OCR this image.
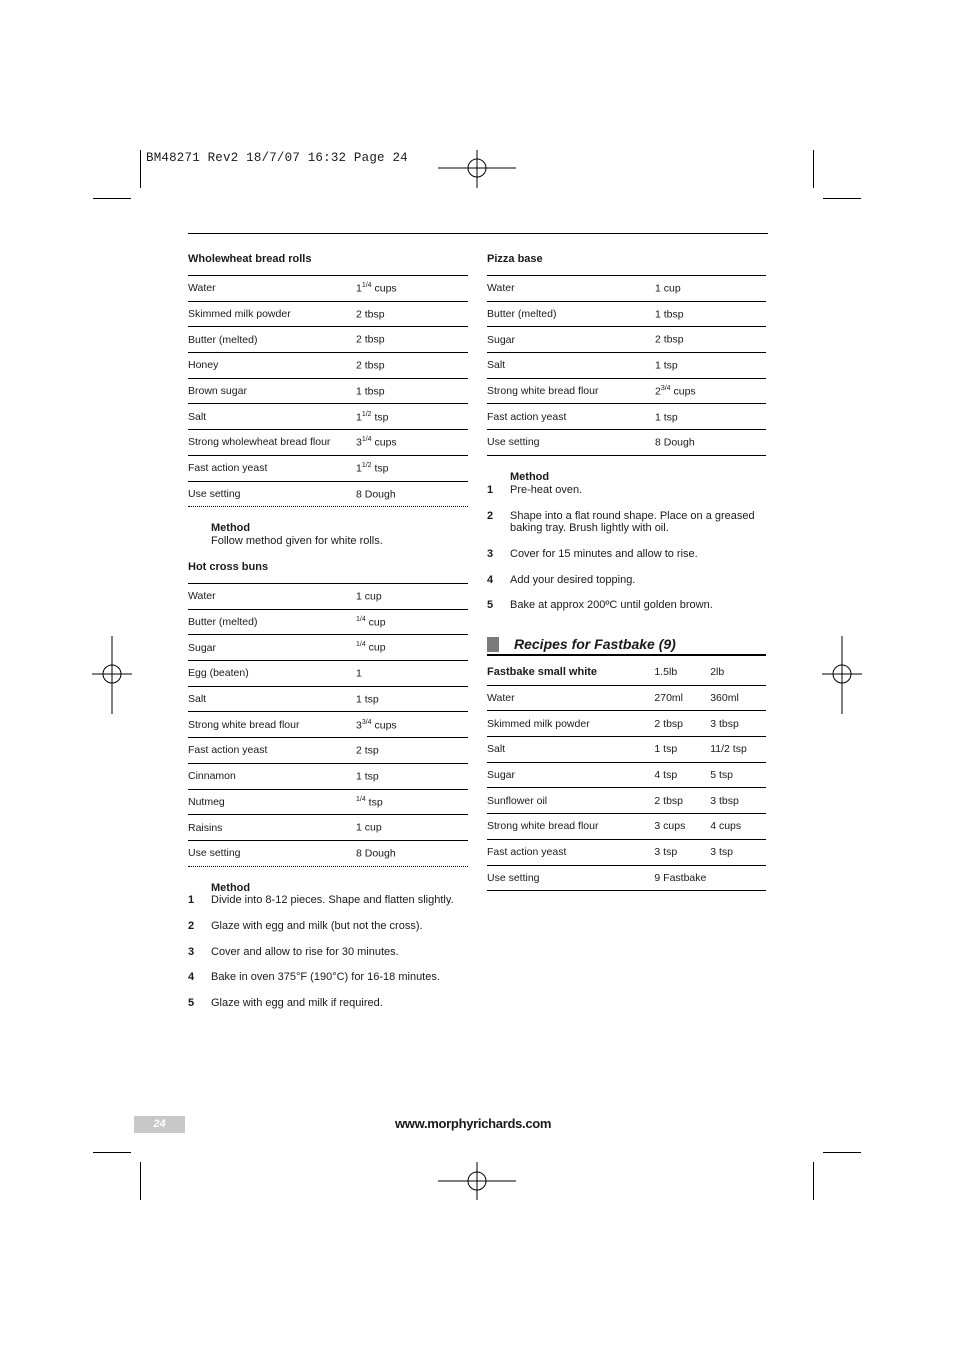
BM48271 Rev2 18/7/07 16:32 Page 24
Wholewheat bread rolls
Water	$1^{1/4}$ cups
Skimmed milk powder	2 tbsp
Butter (melted)	2 tbsp
Honey	2 tbsp
Brown sugar	1 tbsp
Salt	$1^{1/2}$ tsp
Strong wholewheat bread flour	$3^{1/4}$ cups
Fast action yeast	$1^{1/2}$ tsp
Use setting	8 Dough
Method
Follow method given for white rolls.
Hot cross buns
Water	1 cup
Butter (melted)	$^{1/4}$ cup
Sugar	$^{1/4}$ cup
Egg (beaten)	1
Salt	1 tsp
Strong white bread flour	$3^{3/4}$ cups
Fast action yeast	2 tsp
Cinnamon	1 tsp
Nutmeg	$^{1/4}$ tsp
Raisins	1 cup
Use setting	8 Dough
Method
1 Divide into 8-12 pieces. Shape and flatten slightly.
2 Glaze with egg and milk (but not the cross).
3 Cover and allow to rise for 30 minutes.
4 Bake in oven 375°F (190°C) for 16-18 minutes.
5 Glaze with egg and milk if required.
Pizza base
Water	1 cup
Butter (melted)	1 tbsp
Sugar	2 tbsp
Salt	1 tsp
Strong white bread flour	$2^{3/4}$ cups
Fast action yeast	1 tsp
Use setting	8 Dough
Method
1 Pre-heat oven.
2 Shape into a flat round shape. Place on a greased
baking tray. Brush lightly with oil.
3 Cover for 15 minutes and allow to rise.
4 Add your desired topping.
5 Bake at approx 200ºC until golden brown.
Recipes for Fastbake (9)
Fastbake small white	1.5lb	2lb
Water	270ml	360ml
Skimmed milk powder	2 tbsp	3 tbsp
Salt	1 tsp	11/2 tsp
Sugar	4 tsp	5 tsp
Sunflower oil	2 tbsp	3 tbsp
Strong white bread flour	3 cups	4 cups
Fast action yeast	3 tsp	3 tsp
Use setting	9 Fastbake
24	www.morphyrichards.com
